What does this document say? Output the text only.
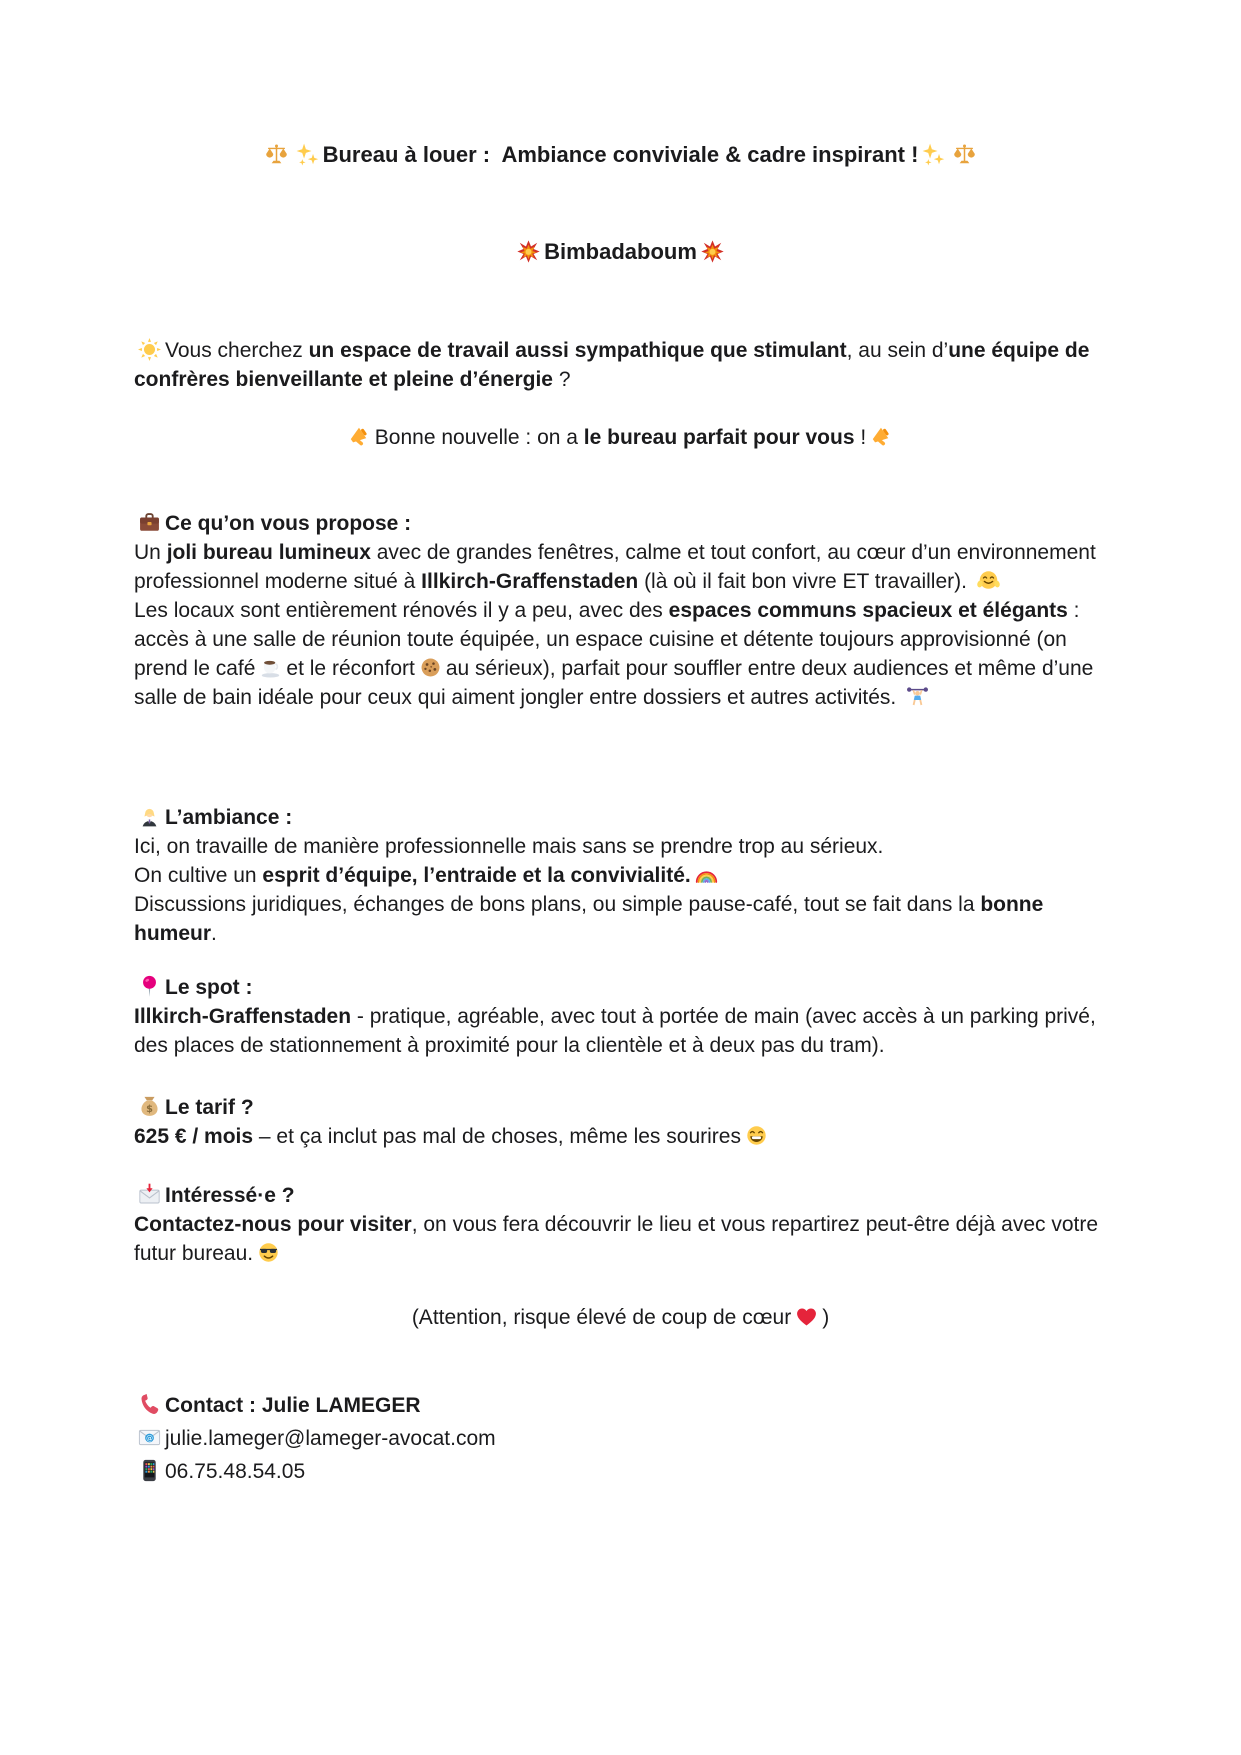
Bureau à louer :  Ambiance conviviale & cadre inspirant !

Bimbadaboum

Vous cherchez un espace de travail aussi sympathique que stimulant, au sein d’une équipe de confrères bienveillante et pleine d’énergie ?

Bonne nouvelle : on a le bureau parfait pour vous !

Ce qu’on vous propose :

Un joli bureau lumineux avec de grandes fenêtres, calme et tout confort, au cœur d’un environnement professionnel moderne situé à Illkirch-Graffenstaden (là où il fait bon vivre ET travailler).

Les locaux sont entièrement rénovés il y a peu, avec des espaces communs spacieux et élégants : accès à une salle de réunion toute équipée, un espace cuisine et détente toujours approvisionné (on prend le café et le réconfort au sérieux), parfait pour souffler entre deux audiences et même d’une salle de bain idéale pour ceux qui aiment jongler entre dossiers et autres activités.

L’ambiance :

Ici, on travaille de manière professionnelle mais sans se prendre trop au sérieux.
On cultive un esprit d’équipe, l’entraide et la convivialité.

Discussions juridiques, échanges de bons plans, ou simple pause-café, tout se fait dans la bonne humeur.

Le spot :

Illkirch-Graffenstaden - pratique, agréable, avec tout à portée de main (avec accès à un parking privé, des places de stationnement à proximité pour la clientèle et à deux pas du tram).

$ Le tarif ?

625 € / mois – et ça inclut pas mal de choses, même les sourires

Intéressé·e ?

Contactez-nous pour visiter, on vous fera découvrir le lieu et vous repartirez peut-être déjà avec votre futur bureau.

(Attention, risque élevé de coup de cœur )

Contact : Julie LAMEGER

@ julie.lameger@lameger-avocat.com

06.75.48.54.05
